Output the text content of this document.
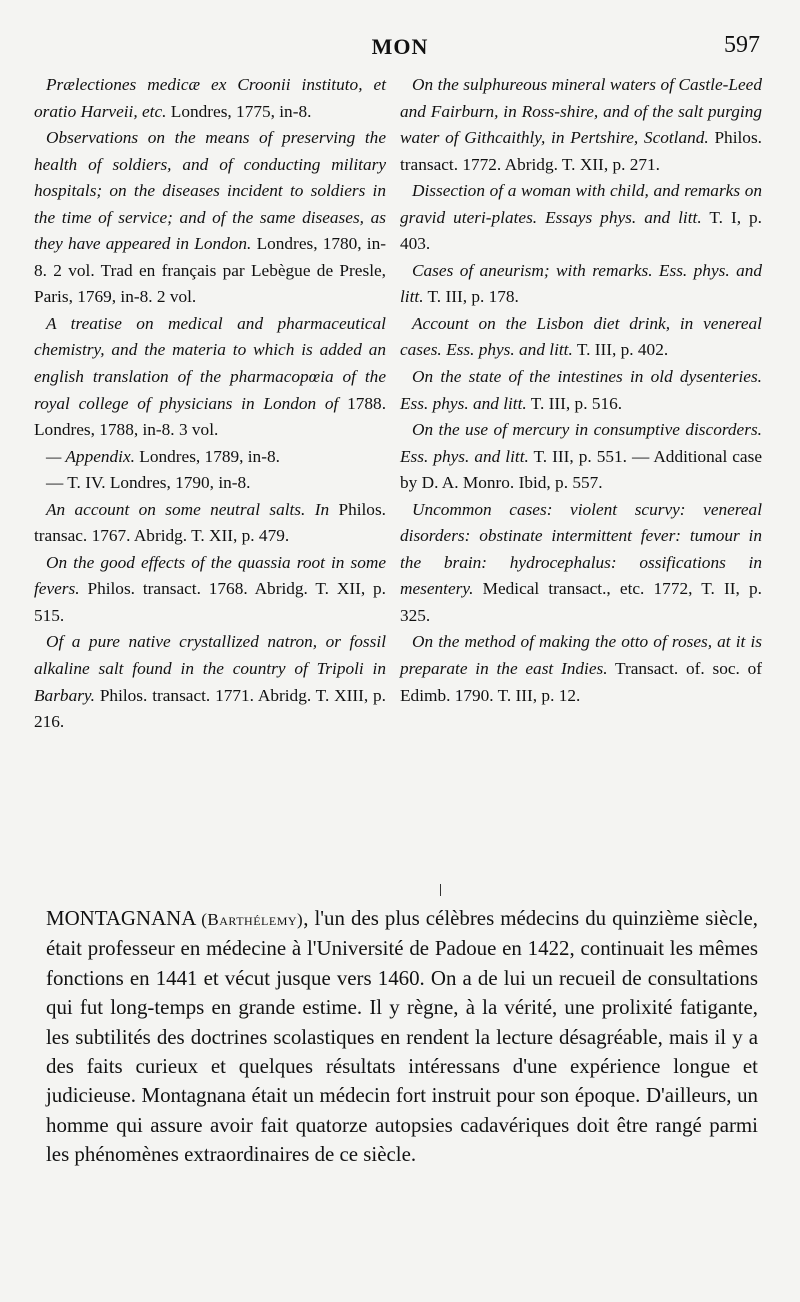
MON	597

Prælectiones medicæ ex Croonii instituto, et oratio Harveii, etc. Londres, 1775, in-8.

Observations on the means of preserving the health of soldiers, and of conducting military hospitals; on the diseases incident to soldiers in the time of service; and of the same diseases, as they have appeared in London. Londres, 1780, in-8. 2 vol. Trad en français par Lebègue de Presle, Paris, 1769, in-8. 2 vol.

A treatise on medical and pharmaceutical chemistry, and the materia to which is added an english translation of the pharmacopœia of the royal college of physicians in London of 1788. Londres, 1788, in-8. 3 vol.

— Appendix. Londres, 1789, in-8.

— T. IV. Londres, 1790, in-8.

An account on some neutral salts. In Philos. transac. 1767. Abridg. T. XII, p. 479.

On the good effects of the quassia root in some fevers. Philos. transact. 1768. Abridg. T. XII, p. 515.

Of a pure native crystallized natron, or fossil alkaline salt found in the country of Tripoli in Barbary. Philos. transact. 1771. Abridg. T. XIII, p. 216.

On the sulphureous mineral waters of Castle-Leed and Fairburn, in Ross-shire, and of the salt purging water of Githcaithly, in Pertshire, Scotland. Philos. transact. 1772. Abridg. T. XII, p. 271.

Dissection of a woman with child, and remarks on gravid uteri-plates. Essays phys. and litt. T. I, p. 403.

Cases of aneurism; with remarks. Ess. phys. and litt. T. III, p. 178.

Account on the Lisbon diet drink, in venereal cases. Ess. phys. and litt. T. III, p. 402.

On the state of the intestines in old dysenteries. Ess. phys. and litt. T. III, p. 516.

On the use of mercury in consumptive discorders. Ess. phys. and litt. T. III, p. 551. — Additional case by D. A. Monro. Ibid, p. 557.

Uncommon cases: violent scurvy: venereal disorders: obstinate intermittent fever: tumour in the brain: hydrocephalus: ossifications in mesentery. Medical transact., etc. 1772, T. II, p. 325.

On the method of making the otto of roses, at it is preparate in the east Indies. Transact. of. soc. of Edimb. 1790. T. III, p. 12.

MONTAGNANA (Barthélemy), l'un des plus célèbres médecins du quinzième siècle, était professeur en médecine à l'Université de Padoue en 1422, continuait les mêmes fonctions en 1441 et vécut jusque vers 1460. On a de lui un recueil de consultations qui fut long-temps en grande estime. Il y règne, à la vérité, une prolixité fatigante, les subtilités des doctrines scolastiques en rendent la lecture désagréable, mais il y a des faits curieux et quelques résultats intéressans d'une expérience longue et judicieuse. Montagnana était un médecin fort instruit pour son époque. D'ailleurs, un homme qui assure avoir fait quatorze autopsies cadavériques doit être rangé parmi les phénomènes extraordinaires de ce siècle.
